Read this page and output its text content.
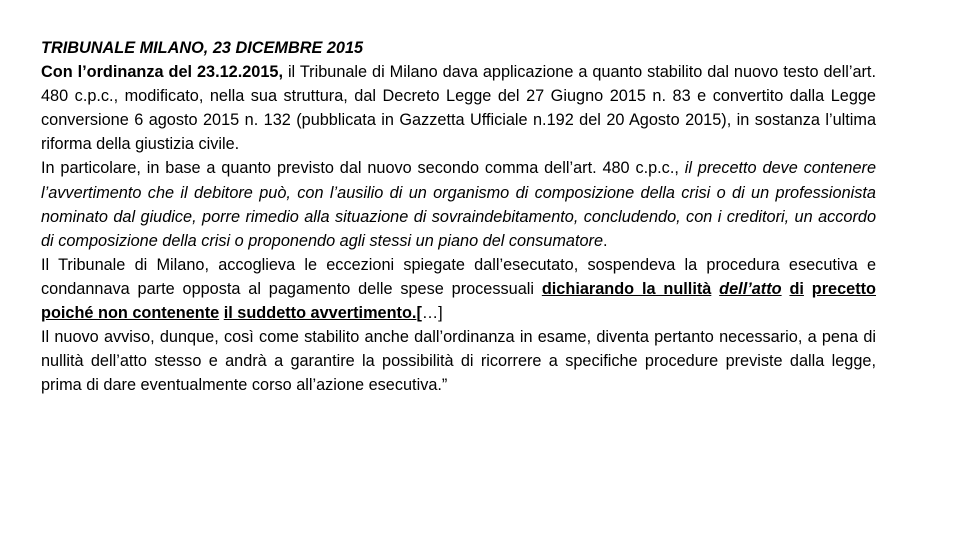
TRIBUNALE MILANO, 23 DICEMBRE 2015

Con l’ordinanza del 23.12.2015, il Tribunale di Milano dava applicazione a quanto stabilito dal nuovo testo dell’art. 480 c.p.c., modificato, nella sua struttura, dal Decreto Legge del 27 Giugno 2015 n. 83 e convertito dalla Legge conversione 6 agosto 2015 n. 132 (pubblicata in Gazzetta Ufficiale n.192 del 20 Agosto 2015), in sostanza l’ultima riforma della giustizia civile.

In particolare, in base a quanto previsto dal nuovo secondo comma dell’art. 480 c.p.c., il precetto deve contenere l’avvertimento che il debitore può, con l’ausilio di un organismo di composizione della crisi o di un professionista nominato dal giudice, porre rimedio alla situazione di sovraindebitamento, concludendo, con i creditori, un accordo di composizione della crisi o proponendo agli stessi un piano del consumatore.

Il Tribunale di Milano, accoglieva le eccezioni spiegate dall’esecutato, sospendeva la procedura esecutiva e condannava parte opposta al pagamento delle spese processuali dichiarando la nullità dell’atto di precetto poiché non contenente il suddetto avvertimento.[…]

Il nuovo avviso, dunque, così come stabilito anche dall’ordinanza in esame, diventa pertanto necessario, a pena di nullità dell’atto stesso e andrà a garantire la possibilità di ricorrere a specifiche procedure previste dalla legge, prima di dare eventualmente corso all’azione esecutiva.”
